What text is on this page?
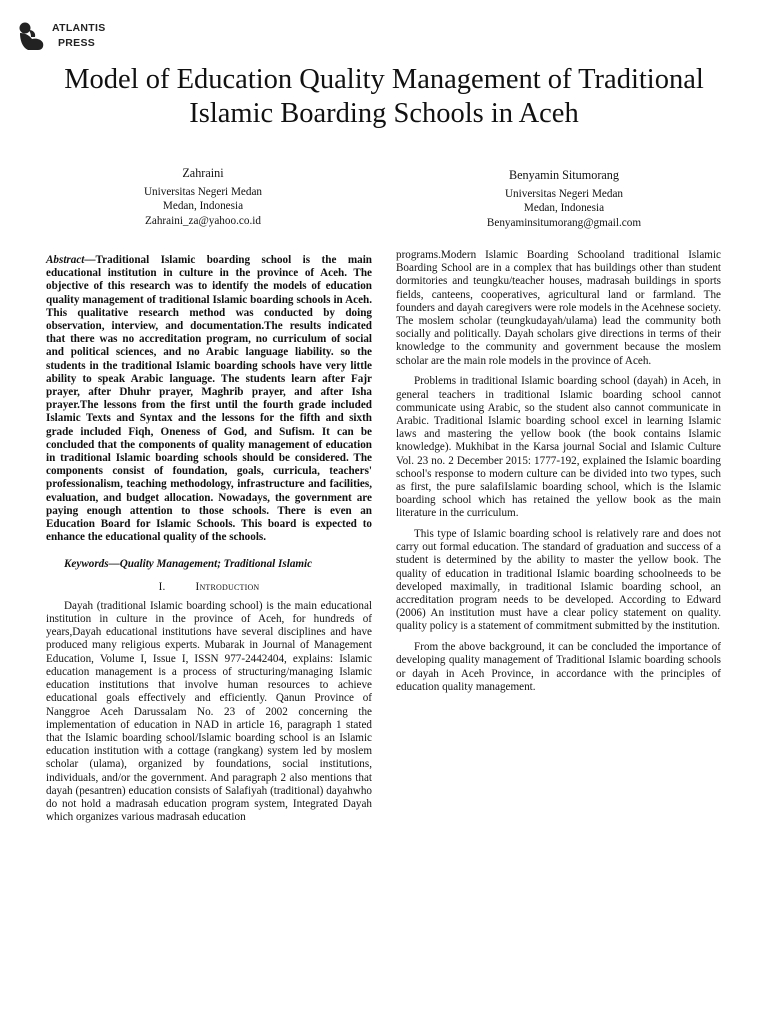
ATLANTIS
PRESS
Model of Education Quality Management of Traditional Islamic Boarding Schools in Aceh
Zahraini
Universitas Negeri Medan
Medan, Indonesia
Zahraini_za@yahoo.co.id
Benyamin Situmorang
Universitas Negeri Medan
Medan, Indonesia
Benyaminsitumorang@gmail.com

Abstract—Traditional Islamic boarding school is the main educational institution in culture in the province of Aceh. The objective of this research was to identify the models of education quality management of traditional Islamic boarding schools in Aceh. This qualitative research method was conducted by doing observation, interview, and documentation.The results indicated that there was no accreditation program, no curriculum of social and political sciences, and no Arabic language liability. so the students in the traditional Islamic boarding schools have very little ability to speak Arabic language. The students learn after Fajr prayer, after Dhuhr prayer, Maghrib prayer, and after Isha prayer.The lessons from the first until the fourth grade included Islamic Texts and Syntax and the lessons for the fifth and sixth grade included Fiqh, Oneness of God, and Sufism. It can be concluded that the components of quality management of education in traditional Islamic boarding schools should be considered. The components consist of foundation, goals, curricula, teachers' professionalism, teaching methodology, infrastructure and facilities, evaluation, and budget allocation. Nowadays, the government are paying enough attention to those schools. There is even an Education Board for Islamic Schools. This board is expected to enhance the educational quality of the schools.

Keywords—Quality Management; Traditional Islamic

I.	Introduction

Dayah (traditional Islamic boarding school) is the main educational institution in culture in the province of Aceh, for hundreds of years,Dayah educational institutions have several disciplines and have produced many religious experts. Mubarak in Journal of Management Education, Volume I, Issue I, ISSN 977-2442404, explains: Islamic education management is a process of structuring/managing Islamic education institutions that involve human resources to achieve educational goals effectively and efficiently. Qanun Province of Nanggroe Aceh Darussalam No. 23 of 2002 concerning the implementation of education in NAD in article 16, paragraph 1 stated that the Islamic boarding school/Islamic boarding school is an Islamic education institution with a cottage (rangkang) system led by moslem scholar (ulama), organized by foundations, social institutions, individuals, and/or the government. And paragraph 2 also mentions that dayah (pesantren) education consists of Salafiyah (traditional) dayahwho do not hold a madrasah education program system, Integrated Dayah which organizes various madrasah education

programs.Modern Islamic Boarding Schooland traditional Islamic Boarding School are in a complex that has buildings other than student dormitories and teungku/teacher houses, madrasah buildings in sports fields, canteens, cooperatives, agricultural land or farmland. The founders and dayah caregivers were role models in the Acehnese society. The moslem scholar (teungkudayah/ulama) lead the community both socially and politically. Dayah scholars give directions in terms of their knowledge to the community and government because the moslem scholar are the main role models in the province of Aceh.

Problems in traditional Islamic boarding school (dayah) in Aceh, in general teachers in traditional Islamic boarding school cannot communicate using Arabic, so the student also cannot communicate in Arabic. Traditional Islamic boarding school excel in learning Islamic laws and mastering the yellow book (the book contains Islamic knowledge). Mukhibat in the Karsa journal Social and Islamic Culture Vol. 23 no. 2 December 2015: 1777-192, explained the Islamic boarding school's response to modern culture can be divided into two types, such as first, the pure salafiIslamic boarding school, which is the Islamic boarding school which has retained the yellow book as the main literature in the curriculum.

This type of Islamic boarding school is relatively rare and does not carry out formal education. The standard of graduation and success of a student is determined by the ability to master the yellow book. The quality of education in traditional Islamic boarding schoolneeds to be developed maximally, in traditional Islamic boarding school, an accreditation program needs to be developed. According to Edward (2006) An institution must have a clear policy statement on quality. quality policy is a statement of commitment submitted by the institution.

From the above background, it can be concluded the importance of developing quality management of Traditional Islamic boarding schools or dayah in Aceh Province, in accordance with the principles of education quality management.
